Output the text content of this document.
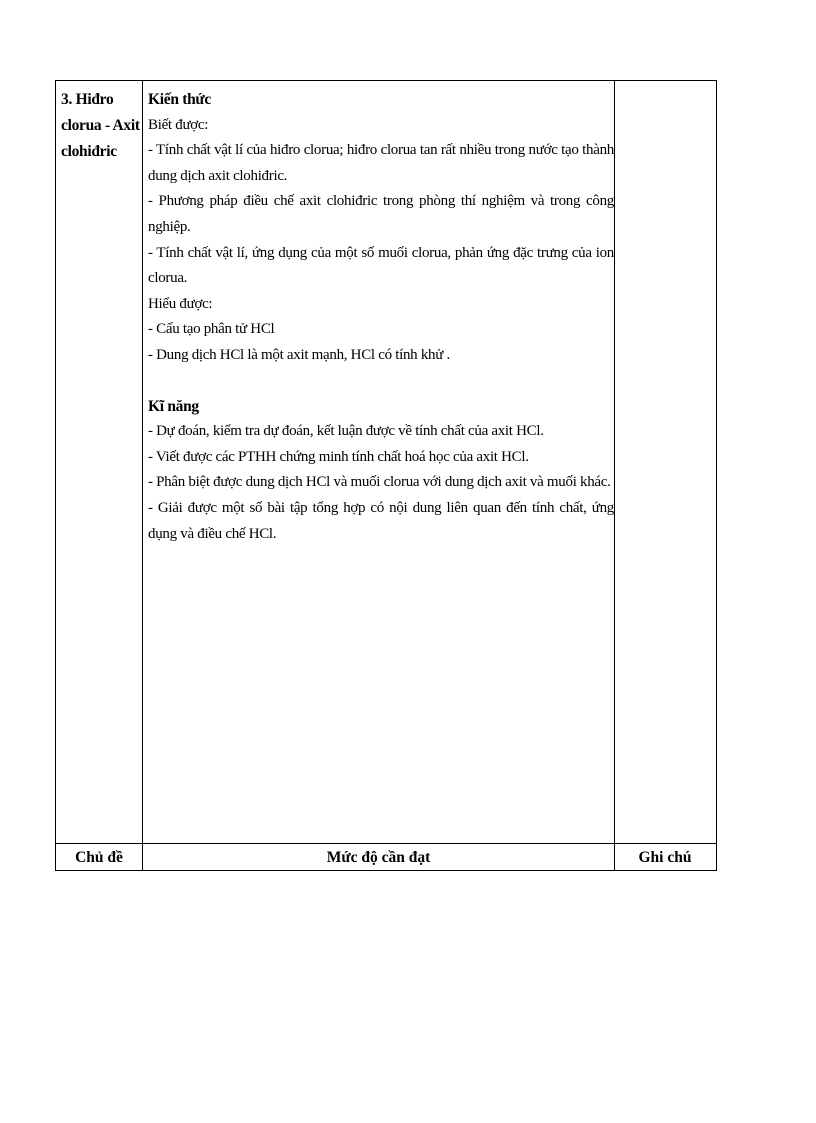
3. Hiđro
clorua - Axit
clohiđric
Kiến thức
Biết được:
- Tính chất vật lí của hiđro clorua; hiđro clorua tan rất nhiều trong nước tạo thành dung dịch axit clohiđric.
- Phương pháp điều chế axit clohiđric trong phòng thí nghiệm và trong công nghiệp.
- Tính chất vật lí, ứng dụng của một số muối clorua, phản ứng đặc trưng của ion clorua.
Hiểu được:
- Cấu tạo phân tử HCl
- Dung dịch HCl là một axit mạnh, HCl có tính khử .
Kĩ năng
- Dự đoán, kiểm tra dự đoán, kết luận được về tính chất của axit HCl.
- Viết được các PTHH chứng minh tính chất hoá học của axit HCl.
- Phân biệt được dung dịch HCl và muối clorua với dung dịch axit và muối khác.
- Giải được một số bài tập tổng hợp có nội dung liên quan đến tính chất, ứng dụng và điều chế HCl.
Chủ đề	Mức độ cần đạt	Ghi chú
